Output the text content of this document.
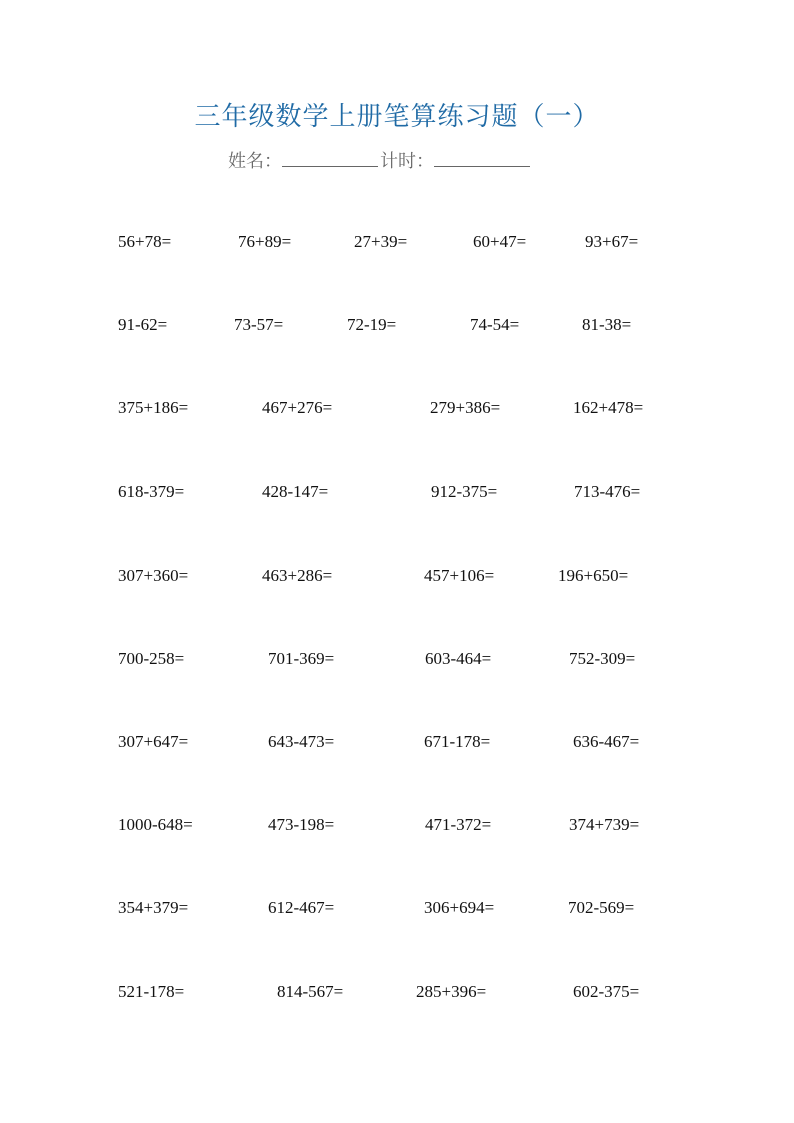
三年级数学上册笔算练习题（一）
姓名：	计时：
56+78=	76+89=	27+39=	60+47=	93+67=
91-62=	73-57=	72-19=	74-54=	81-38=
375+186=	467+276=	279+386=	162+478=
618-379=	428-147=	912-375=	713-476=
307+360=	463+286=	457+106=	196+650=
700-258=	701-369=	603-464=	752-309=
307+647=	643-473=	671-178=	636-467=
1000-648=	473-198=	471-372=	374+739=
354+379=	612-467=	306+694=	702-569=
521-178=	814-567=	285+396=	602-375=
